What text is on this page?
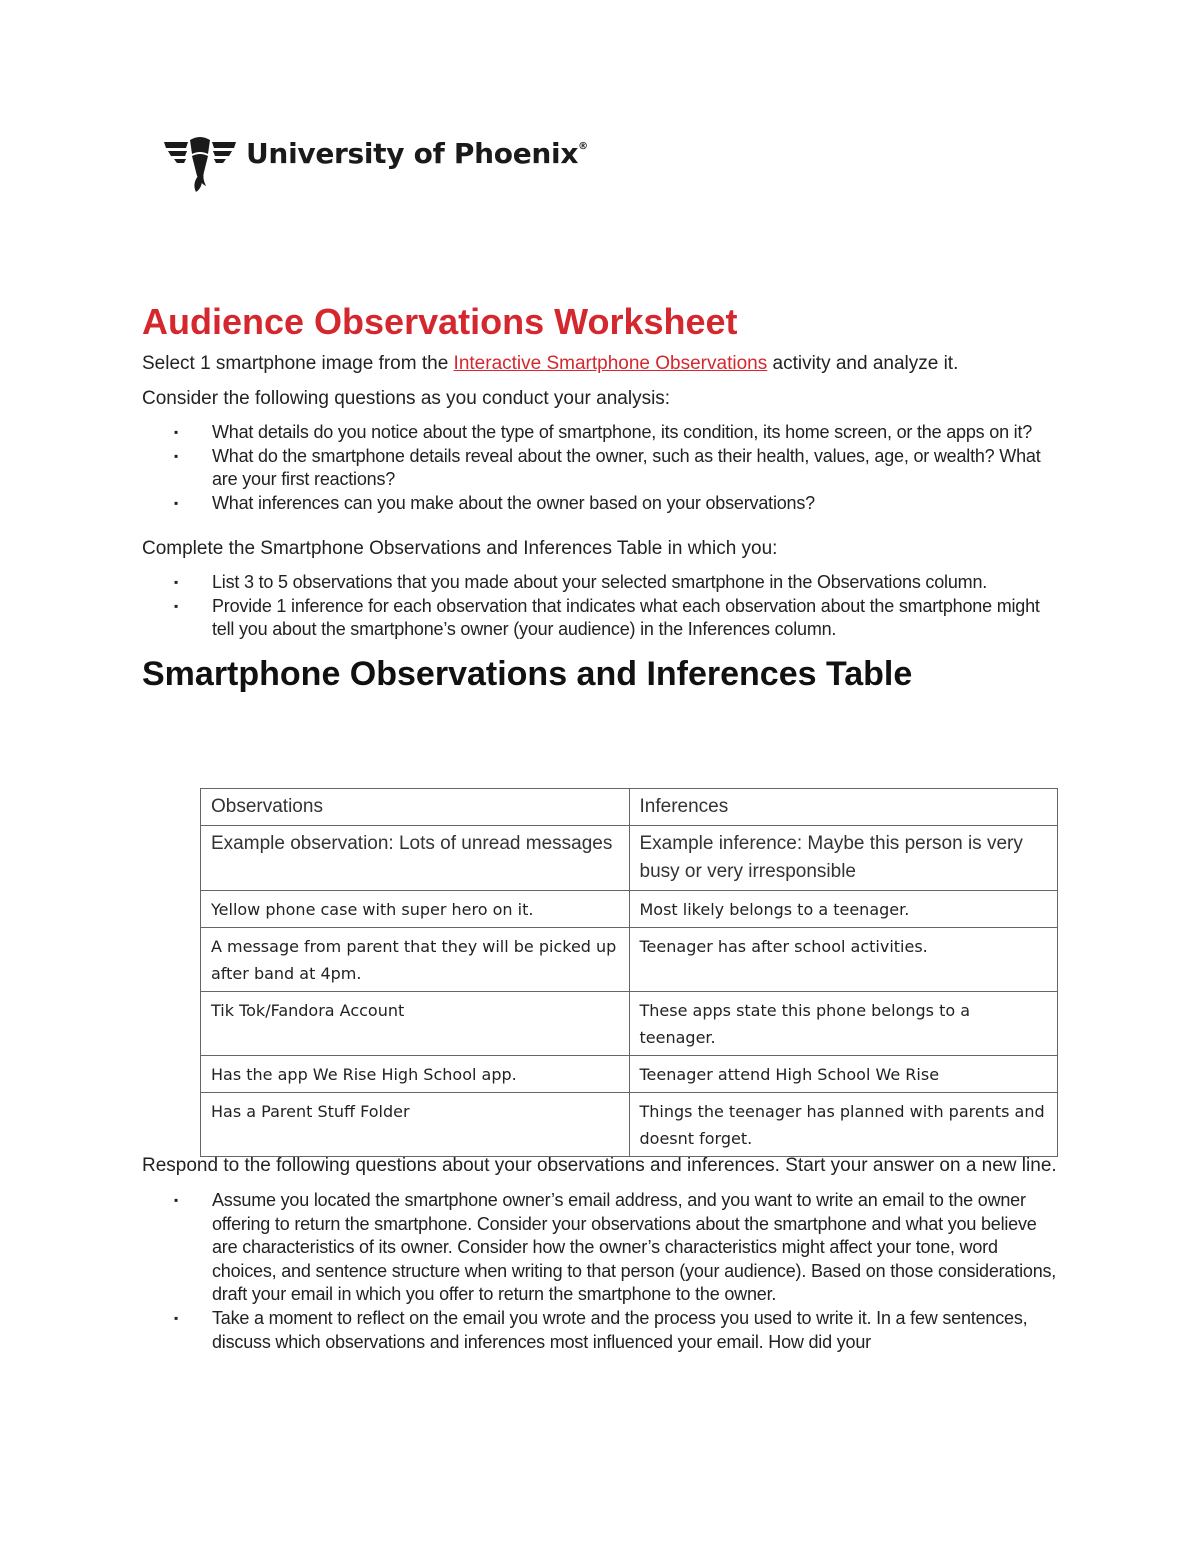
University of Phoenix®
Audience Observations Worksheet

Select 1 smartphone image from the Interactive Smartphone Observations activity and analyze it.

Consider the following questions as you conduct your analysis:

▪ What details do you notice about the type of smartphone, its condition, its home screen, or the apps on it?
▪ What do the smartphone details reveal about the owner, such as their health, values, age, or wealth? What are your first reactions?
▪ What inferences can you make about the owner based on your observations?

Complete the Smartphone Observations and Inferences Table in which you:

▪ List 3 to 5 observations that you made about your selected smartphone in the Observations column.
▪ Provide 1 inference for each observation that indicates what each observation about the smartphone might tell you about the smartphone’s owner (your audience) in the Inferences column.
Smartphone Observations and Inferences Table
Observations	Inferences
Example observation: Lots of unread messages	Example inference: Maybe this person is very busy or very irresponsible
Yellow phone case with super hero on it.	Most likely belongs to a teenager.
A message from parent that they will be picked up after band at 4pm.	Teenager has after school activities.
Tik Tok/Fandora Account	These apps state this phone belongs to a teenager.
Has the app We Rise High School app.	Teenager attend High School We Rise
Has a Parent Stuff Folder	Things the teenager has planned with parents and doesnt forget.

Respond to the following questions about your observations and inferences. Start your answer on a new line.

▪ Assume you located the smartphone owner’s email address, and you want to write an email to the owner offering to return the smartphone. Consider your observations about the smartphone and what you believe are characteristics of its owner. Consider how the owner’s characteristics might affect your tone, word choices, and sentence structure when writing to that person (your audience). Based on those considerations, draft your email in which you offer to return the smartphone to the owner.
▪ Take a moment to reflect on the email you wrote and the process you used to write it. In a few sentences, discuss which observations and inferences most influenced your email. How did your
